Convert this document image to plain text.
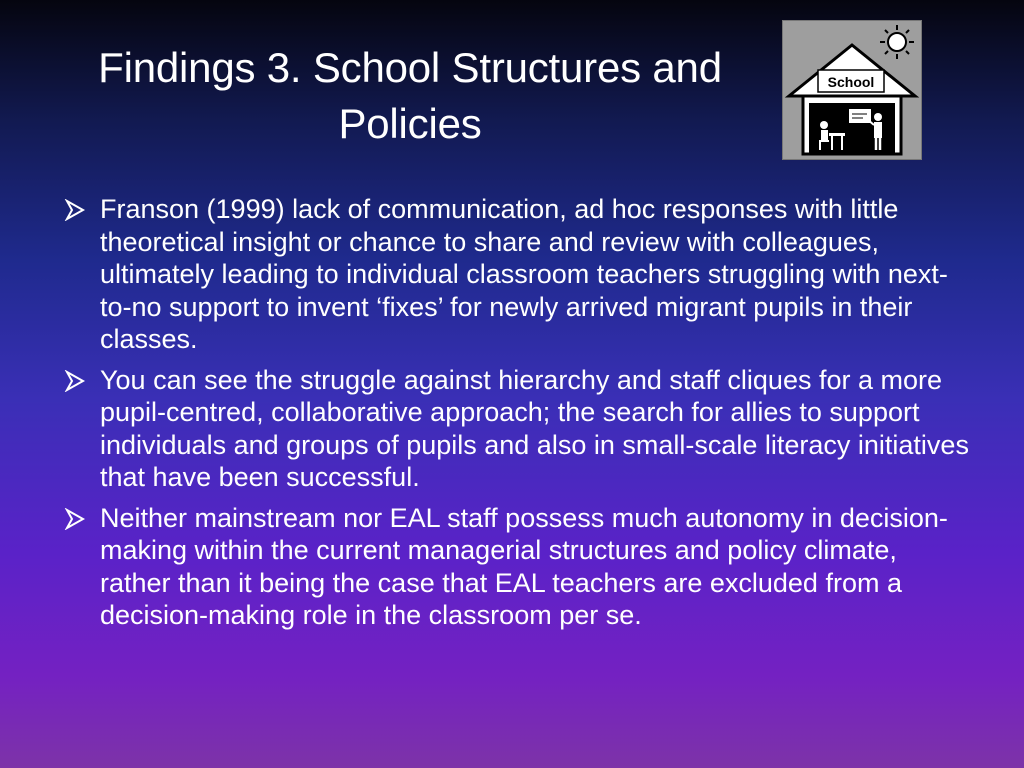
Findings 3. School Structures and
Policies
School
Franson (1999) lack of communication, ad hoc responses with little theoretical insight or chance to share and review with colleagues, ultimately leading to individual classroom teachers struggling with next-to-no support to invent ‘fixes’ for newly arrived migrant pupils in their classes.
You can see the struggle against hierarchy and staff cliques for a more pupil-centred, collaborative approach; the search for allies to support individuals and groups of pupils and also in small-scale literacy initiatives that have been successful.
Neither mainstream nor EAL staff possess much autonomy in decision-making within the current managerial structures and policy climate, rather than it being the case that EAL teachers are excluded from a decision-making role in the classroom per se.
